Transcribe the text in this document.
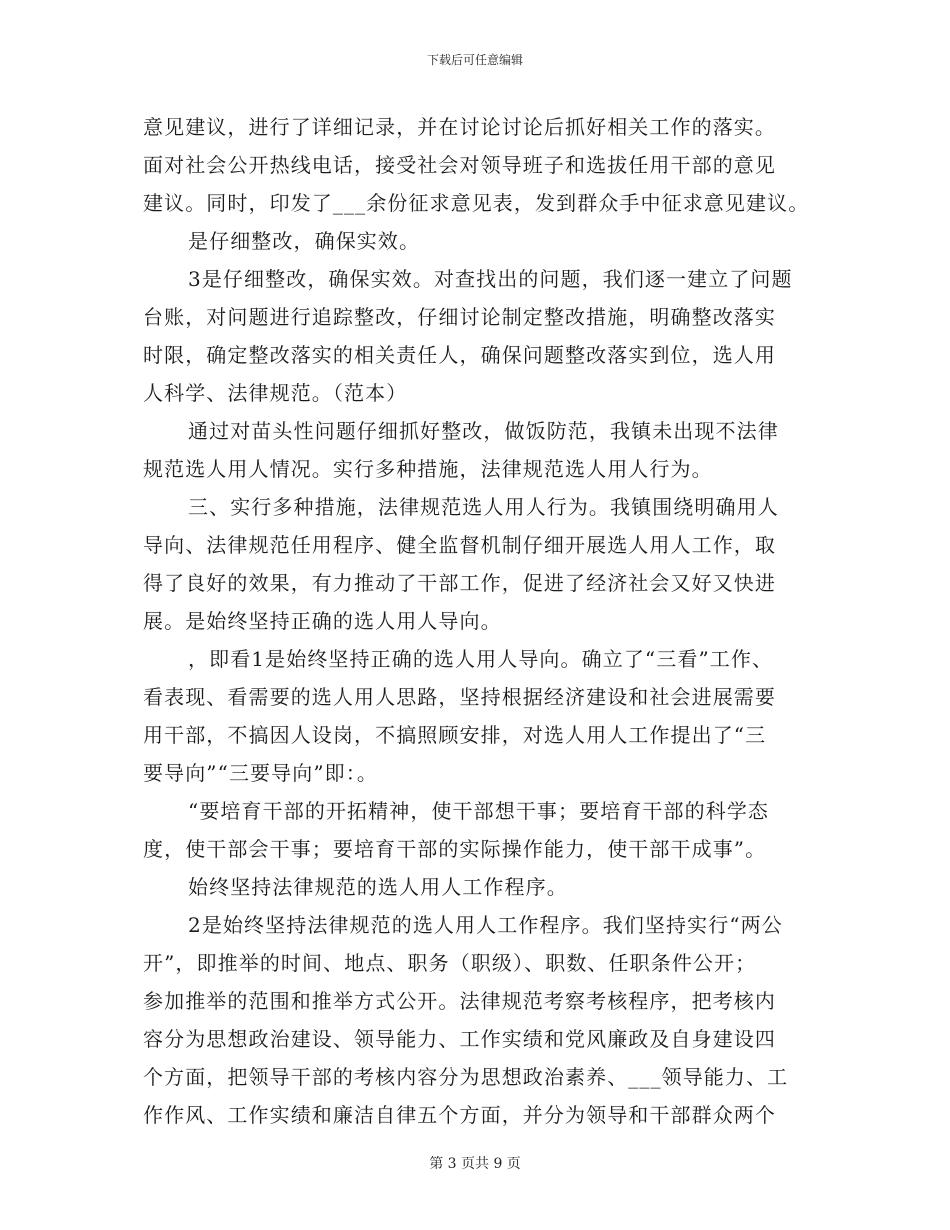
下载后可任意编辑
意见建议，进行了详细记录，并在讨论讨论后抓好相关工作的落实。
面对社会公开热线电话，接受社会对领导班子和选拔任用干部的意见
建议。同时，印发了___余份征求意见表，发到群众手中征求意见建议。
是仔细整改，确保实效。
3是仔细整改，确保实效。对查找出的问题，我们逐一建立了问题
台账，对问题进行追踪整改，仔细讨论制定整改措施，明确整改落实
时限，确定整改落实的相关责任人，确保问题整改落实到位，选人用
人科学、法律规范。（范本）
通过对苗头性问题仔细抓好整改，做饭防范，我镇未出现不法律
规范选人用人情况。实行多种措施，法律规范选人用人行为。
三、实行多种措施，法律规范选人用人行为。我镇围绕明确用人
导向、法律规范任用程序、健全监督机制仔细开展选人用人工作，取
得了良好的效果，有力推动了干部工作，促进了经济社会又好又快进
展。是始终坚持正确的选人用人导向。
，即看1是始终坚持正确的选人用人导向。确立了“三看”工作、
看表现、看需要的选人用人思路，坚持根据经济建设和社会进展需要
用干部，不搞因人设岗，不搞照顾安排，对选人用人工作提出了“三
要导向”“三要导向”即：。
“要培育干部的开拓精神，使干部想干事；要培育干部的科学态
度，使干部会干事；要培育干部的实际操作能力，使干部干成事”。
始终坚持法律规范的选人用人工作程序。
2是始终坚持法律规范的选人用人工作程序。我们坚持实行“两公
开”，即推举的时间、地点、职务（职级）、职数、任职条件公开；
参加推举的范围和推举方式公开。法律规范考察考核程序，把考核内
容分为思想政治建设、领导能力、工作实绩和党风廉政及自身建设四
个方面，把领导干部的考核内容分为思想政治素养、___领导能力、工
作作风、工作实绩和廉洁自律五个方面，并分为领导和干部群众两个
第 3 页共 9 页
